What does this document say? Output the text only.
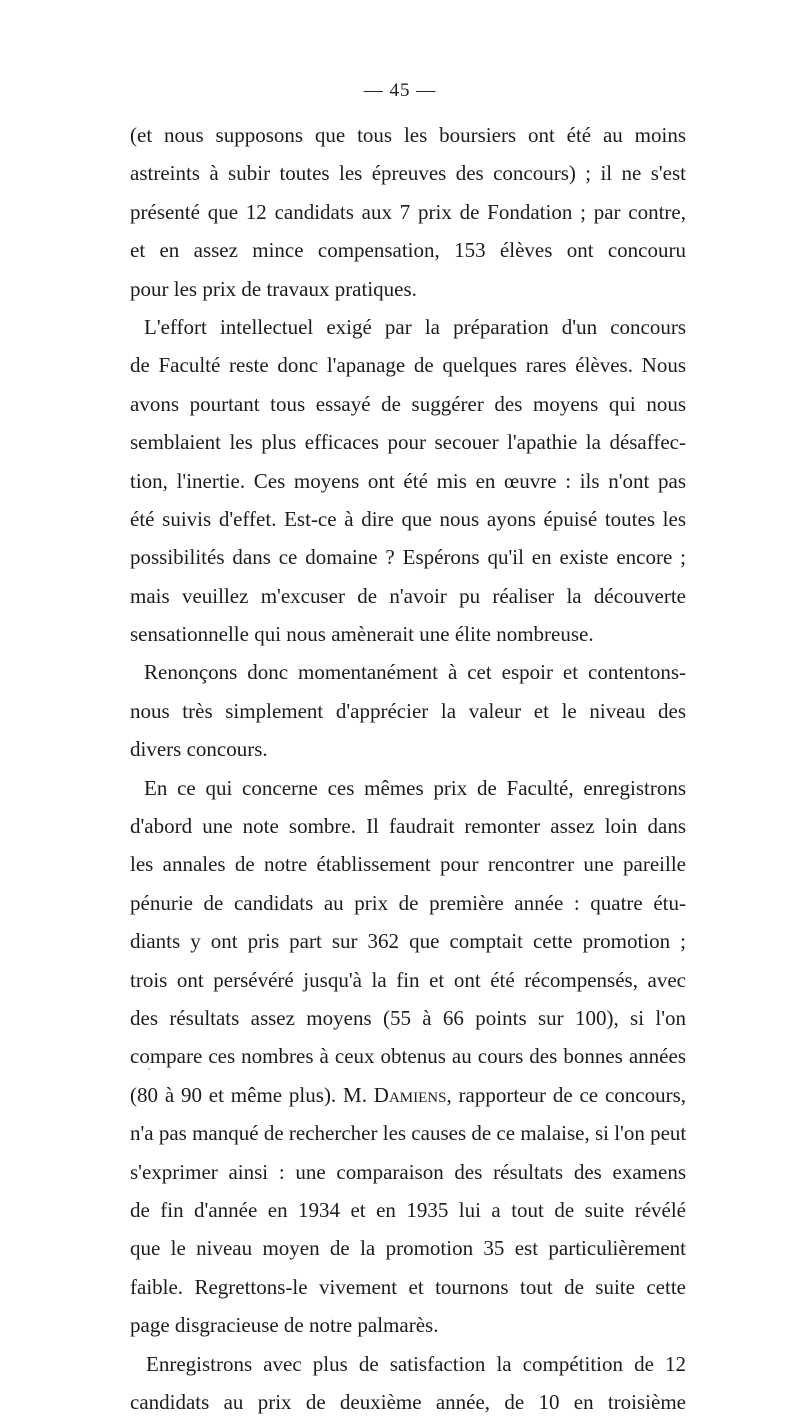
— 45 —
(et nous supposons que tous les boursiers ont été au moins
astreints à subir toutes les épreuves des concours) ; il ne s'est
présenté que 12 candidats aux 7 prix de Fondation ; par contre,
et en assez mince compensation, 153 élèves ont concouru
pour les prix de travaux pratiques.
L'effort intellectuel exigé par la préparation d'un concours
de Faculté reste donc l'apanage de quelques rares élèves. Nous
avons pourtant tous essayé de suggérer des moyens qui nous
semblaient les plus efficaces pour secouer l'apathie la désaffec-
tion, l'inertie. Ces moyens ont été mis en œuvre : ils n'ont pas
été suivis d'effet. Est-ce à dire que nous ayons épuisé toutes les
possibilités dans ce domaine ? Espérons qu'il en existe encore ;
mais veuillez m'excuser de n'avoir pu réaliser la découverte
sensationnelle qui nous amènerait une élite nombreuse.
Renonçons donc momentanément à cet espoir et contentons-
nous très simplement d'apprécier la valeur et le niveau des
divers concours.
En ce qui concerne ces mêmes prix de Faculté, enregistrons
d'abord une note sombre. Il faudrait remonter assez loin dans
les annales de notre établissement pour rencontrer une pareille
pénurie de candidats au prix de première année : quatre étu-
diants y ont pris part sur 362 que comptait cette promotion ;
trois ont persévéré jusqu'à la fin et ont été récompensés, avec
des résultats assez moyens (55 à 66 points sur 100), si l'on
compare ces nombres à ceux obtenus au cours des bonnes années
(80 à 90 et même plus). M. Damiens, rapporteur de ce concours,
n'a pas manqué de rechercher les causes de ce malaise, si l'on peut
s'exprimer ainsi : une comparaison des résultats des examens
de fin d'année en 1934 et en 1935 lui a tout de suite révélé
que le niveau moyen de la promotion 35 est particulièrement
faible. Regrettons-le vivement et tournons tout de suite cette
page disgracieuse de notre palmarès.
Enregistrons avec plus de satisfaction la compétition de 12
candidats au prix de deuxième année, de 10 en troisième
